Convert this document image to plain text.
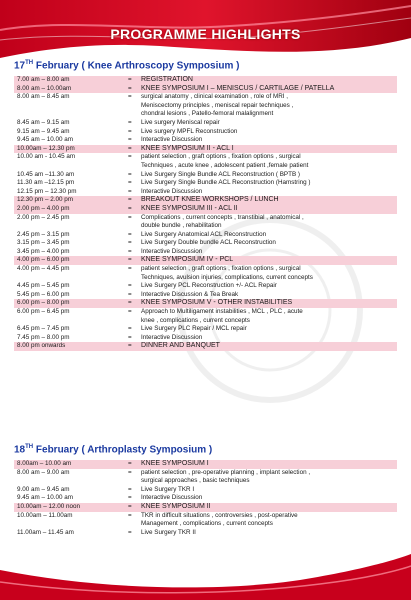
PROGRAMME HIGHLIGHTS
17TH February ( Knee Arthroscopy Symposium )
7.00 am – 8.00 am	=	REGISTRATION
8.00 am – 10.00am	=	KNEE SYMPOSIUM I – MENISCUS / CARTILAGE / PATELLA
8.00 am – 8.45 am	=	surgical anatomy , clinical examination , role of MRI ,
Meniscectomy principles , meniscal repair techniques ,
chondral lesions , Patello-femoral malalignment
8.45 am – 9.15 am	=	Live surgery Meniscal repair
9.15 am – 9.45 am	=	Live surgery MPFL Reconstruction
9.45 am – 10.00 am	=	Interactive Discussion
10.00am – 12.30 pm	=	KNEE SYMPOSIUM II - ACL I
10.00 am - 10.45 am	=	patient selection , graft options , fixation options , surgical
Techniques , acute knee , adolescent patient ,female patient
10.45 am –11.30 am	=	Live Surgery Single Bundle ACL Reconstruction ( BPTB )
11.30 am –12.15 pm	=	Live Surgery Single Bundle ACL Reconstruction (Hamstring )
12.15 pm – 12.30 pm	=	Interactive Discussion
12.30 pm – 2.00 pm	=	BREAKOUT KNEE WORKSHOPS / LUNCH
2.00 pm – 4.00 pm	=	KNEE SYMPOSIUM III - ACL II
2.00 pm – 2.45 pm	=	Complications , current concepts , transtibial , anatomical ,
double bundle , rehabilitation
2.45 pm – 3.15 pm	=	Live Surgery Anatomical ACL Reconstruction
3.15 pm – 3.45 pm	=	Live Surgery Double bundle ACL Reconstruction
3.45 pm – 4.00 pm	=	Interactive Discussion
4.00 pm – 6.00 pm	=	KNEE SYMPOSIUM IV - PCL
4.00 pm – 4.45 pm	=	patient selection , graft options , fixation options , surgical
Techniques, avulsion injuries, complications, current concepts
4.45 pm – 5.45 pm	=	Live Surgery PCL Reconstruction +/- ACL Repair
5.45 pm – 6.00 pm	=	Interactive Discussion & Tea Break
6.00 pm – 8.00 pm	=	KNEE SYMPOSIUM V - OTHER INSTABILITIES
6.00 pm – 6.45 pm	=	Approach to Multiligament instabilities , MCL , PLC , acute
knee , complications , current concepts
6.45 pm – 7.45 pm	=	Live Surgery PLC Repair / MCL repair
7.45 pm – 8.00 pm	=	Interactive Discussion
8.00 pm onwards	=	DINNER AND BANQUET
18TH February ( Arthroplasty Symposium )
8.00am – 10.00 am	=	KNEE SYMPOSIUM I
8.00 am – 9.00 am	=	patient selection , pre-operative planning , implant selection ,
surgical approaches , basic techniques
9.00 am – 9.45 am	=	Live Surgery TKR I
9.45 am – 10.00 am	=	Interactive Discussion
10.00am – 12.00 noon	=	KNEE SYMPOSIUM II
10.00am – 11.00am	=	TKR in difficult situations , controversies , post-operative
Management , complications , current concepts
11.00am – 11.45 am	=	Live Surgery TKR II
